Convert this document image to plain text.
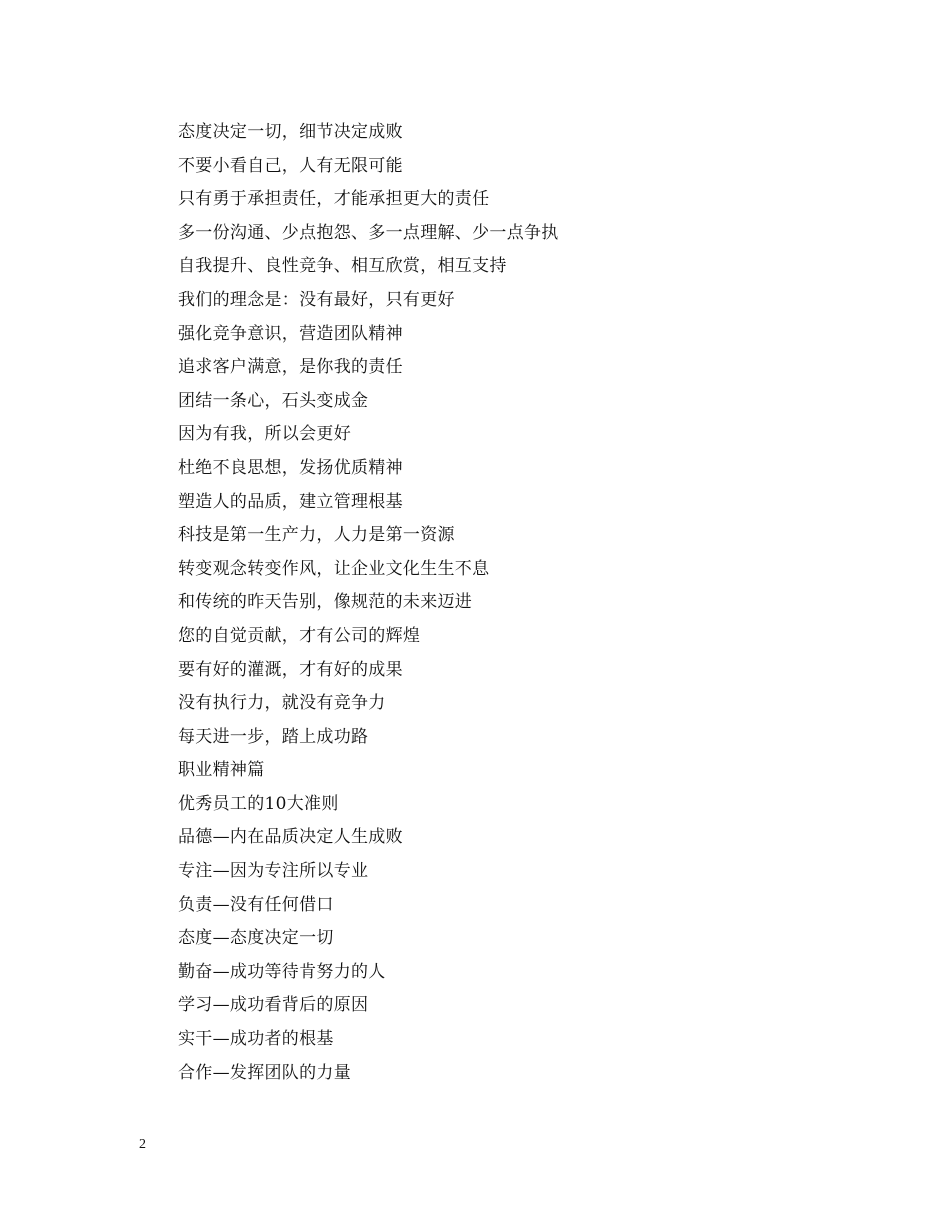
态度决定一切，细节决定成败
不要小看自己，人有无限可能
只有勇于承担责任，才能承担更大的责任
多一份沟通、少点抱怨、多一点理解、少一点争执
自我提升、良性竞争、相互欣赏，相互支持
我们的理念是：没有最好，只有更好
强化竞争意识，营造团队精神
追求客户满意，是你我的责任
团结一条心，石头变成金
因为有我，所以会更好
杜绝不良思想，发扬优质精神
塑造人的品质，建立管理根基
科技是第一生产力，人力是第一资源
转变观念转变作风，让企业文化生生不息
和传统的昨天告别，像规范的未来迈进
您的自觉贡献，才有公司的辉煌
要有好的灌溉，才有好的成果
没有执行力，就没有竞争力
每天进一步，踏上成功路
职业精神篇
优秀员工的10大准则
品德—内在品质决定人生成败
专注—因为专注所以专业
负责—没有任何借口
态度—态度决定一切
勤奋—成功等待肯努力的人
学习—成功看背后的原因
实干—成功者的根基
合作—发挥团队的力量
2
